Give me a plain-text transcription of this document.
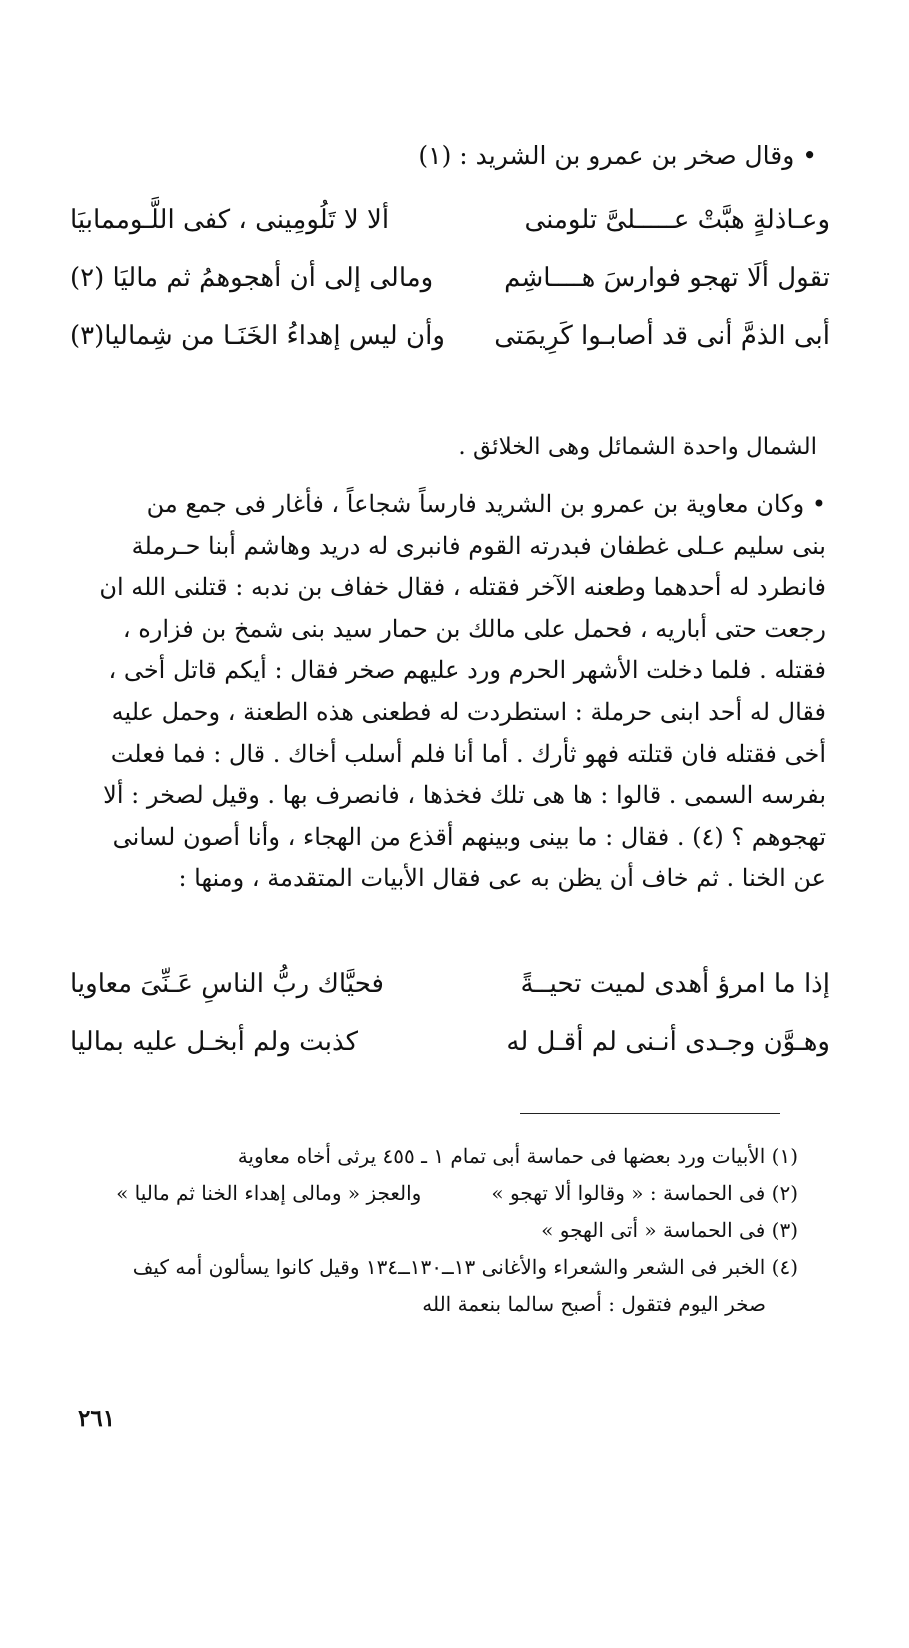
• وقال صخر بن عمرو بن الشريد : (١)
وعـاذلةٍ هبَّتْ عـــــلىَّ تلومنى
ألا لا تَلُومِينى ، كفى اللَّـوممابيَا
تقول ألَا تهجو فوارسَ هــــاشِم
ومالى إلى أن أهجوهمُ ثم ماليَا (٢)
أبى الذمَّ أنى قد أصابـوا كَرِيمَتى
وأن ليس إهداءُ الخَنَـا من شِماليا(٣)
الشمال واحدة الشمائل وهى الخلائق .
• وكان معاوية بن عمرو بن الشريد فارساً شجاعاً ، فأغار فى جمع من
بنى سليم عـلى غطفان فبدرته القوم فانبرى له دريد وهاشم أبنا حـرملة
فانطرد له أحدهما وطعنه الآخر فقتله ، فقال خفاف بن ندبه : قتلنى الله ان
رجعت حتى أباريه ، فحمل على مالك بن حمار سيد بنى شمخ بن فزاره ،
فقتله . فلما دخلت الأشهر الحرم ورد عليهم صخر فقال : أيكم قاتل أخى ،
فقال له أحد ابنى حرملة : استطردت له فطعنى هذه الطعنة ، وحمل عليه
أخى فقتله فان قتلته فهو ثأرك . أما أنا فلم أسلب أخاك . قال : فما فعلت
بفرسه السمى . قالوا : ها هى تلك فخذها ، فانصرف بها . وقيل لصخر : ألا
تهجوهم ؟ (٤) . فقال : ما بينى وبينهم أقذع من الهجاء ، وأنا أصون لسانى
عن الخنا . ثم خاف أن يظن به عى فقال الأبيات المتقدمة ، ومنها :
إذا ما امرؤ أهدى لميت تحيــةً
فحيَّاك ربُّ الناسِ عَـنِّىَ معاويا
وهـوَّن وجـدى أنـنى لم أقـل له
كذبت ولم أبخـل عليه بماليا
(١) الأبيات ورد بعضها فى حماسة أبى تمام ١ ـ ٤٥٥ يرثى أخاه معاوية
(٢) فى الحماسة : « وقالوا ألا تهجو »
والعجز « ومالى إهداء الخنا ثم ماليا »
(٣) فى الحماسة « أتى الهجو »
(٤) الخبر فى الشعر والشعراء والأغانى ١٣ــ١٣٠ــ١٣٤ وقيل كانوا يسألون أمه كيف
صخر اليوم فتقول : أصبح سالما بنعمة الله
٢٦١
